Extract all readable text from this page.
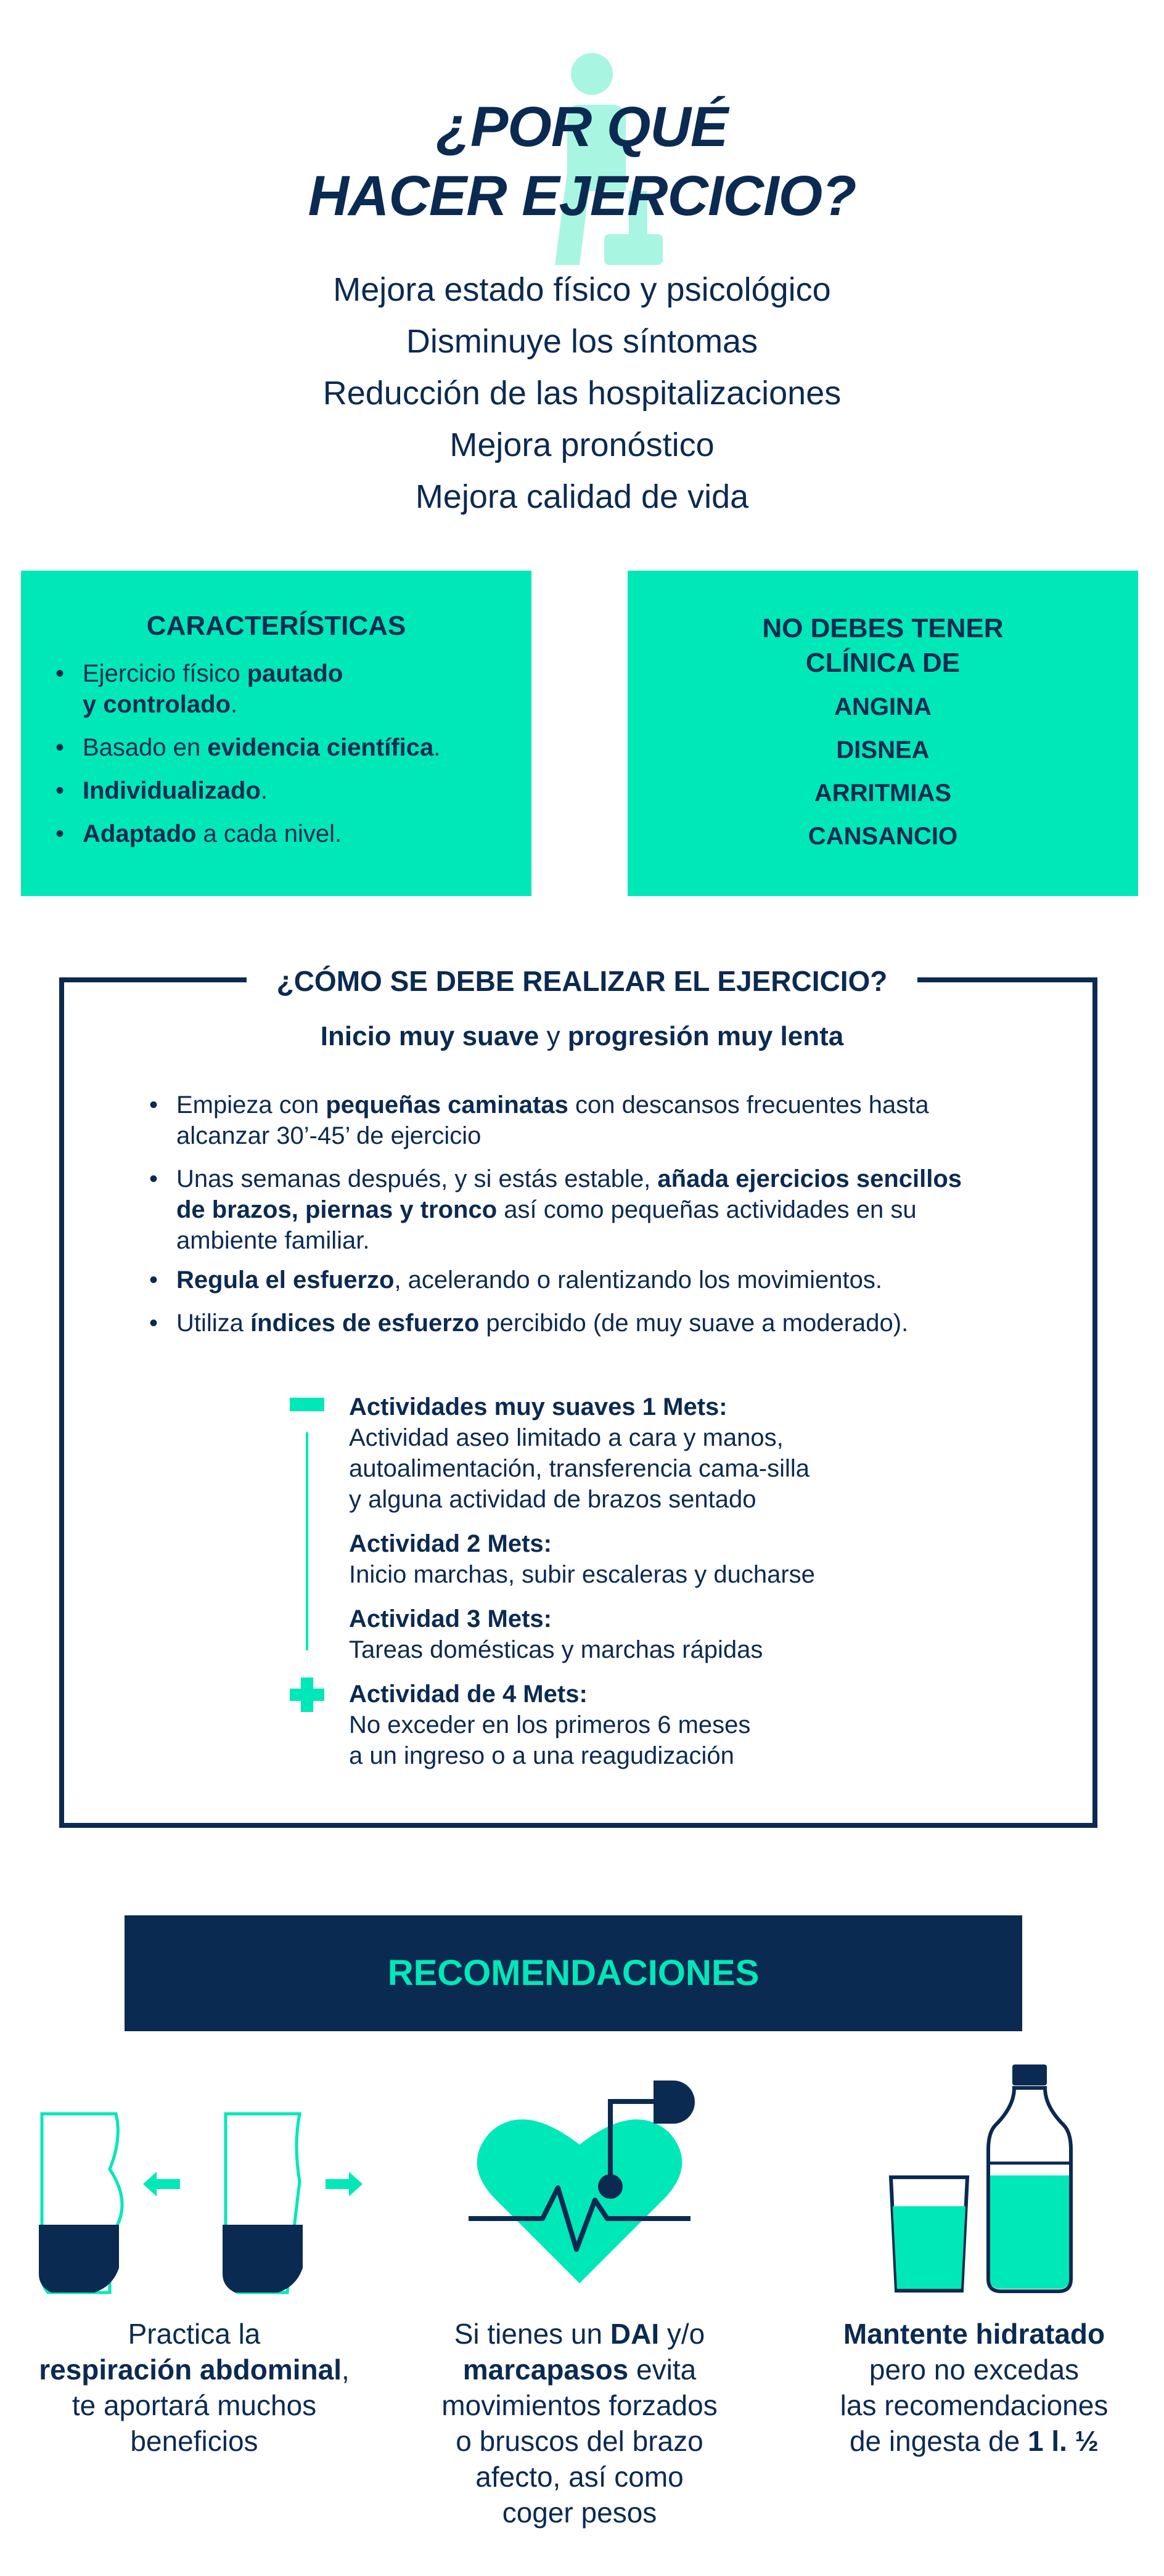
¿POR QUÉ
HACER EJERCICIO?
Mejora estado físico y psicológico
Disminuye los síntomas
Reducción de las hospitalizaciones
Mejora pronóstico
Mejora calidad de vida
CARACTERÍSTICAS
• Ejercicio físico pautado
y controlado.
• Basado en evidencia científica.
• Individualizado.
• Adaptado a cada nivel.
NO DEBES TENER
CLÍNICA DE
ANGINA
DISNEA
ARRITMIAS
CANSANCIO
¿CÓMO SE DEBE REALIZAR EL EJERCICIO?
Inicio muy suave y progresión muy lenta
• Empieza con pequeñas caminatas con descansos frecuentes hasta
alcanzar 30’-45’ de ejercicio
• Unas semanas después, y si estás estable, añada ejercicios sencillos
de brazos, piernas y tronco así como pequeñas actividades en su
ambiente familiar.
• Regula el esfuerzo, acelerando o ralentizando los movimientos.
• Utiliza índices de esfuerzo percibido (de muy suave a moderado).
Actividades muy suaves 1 Mets:
Actividad aseo limitado a cara y manos,
autoalimentación, transferencia cama-silla
y alguna actividad de brazos sentado
Actividad 2 Mets:
Inicio marchas, subir escaleras y ducharse
Actividad 3 Mets:
Tareas domésticas y marchas rápidas
Actividad de 4 Mets:
No exceder en los primeros 6 meses
a un ingreso o a una reagudización
RECOMENDACIONES
Practica la
respiración abdominal,
te aportará muchos
beneficios
Si tienes un DAI y/o
marcapasos evita
movimientos forzados
o bruscos del brazo
afecto, así como
coger pesos
Mantente hidratado
pero no excedas
las recomendaciones
de ingesta de 1 l. ½
